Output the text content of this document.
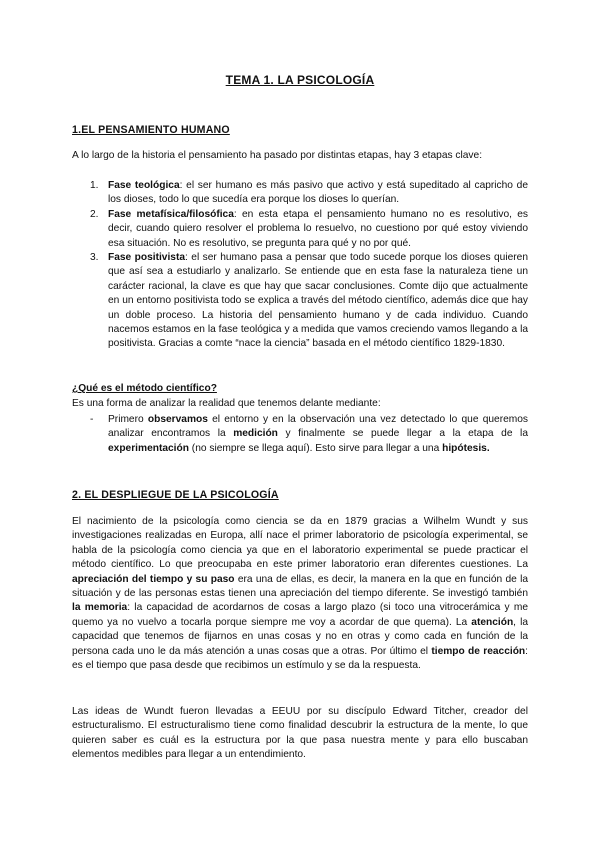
TEMA 1. LA PSICOLOGÍA
1.EL PENSAMIENTO HUMANO

A lo largo de la historia el pensamiento ha pasado por distintas etapas, hay 3 etapas clave:

1. Fase teológica: el ser humano es más pasivo que activo y está supeditado al capricho de los dioses, todo lo que sucedía era porque los dioses lo querían.
2. Fase metafísica/filosófica: en esta etapa el pensamiento humano no es resolutivo, es decir, cuando quiero resolver el problema lo resuelvo, no cuestiono por qué estoy viviendo esa situación. No es resolutivo, se pregunta para qué y no por qué.
3. Fase positivista: el ser humano pasa a pensar que todo sucede porque los dioses quieren que así sea a estudiarlo y analizarlo. Se entiende que en esta fase la naturaleza tiene un carácter racional, la clave es que hay que sacar conclusiones. Comte dijo que actualmente en un entorno positivista todo se explica a través del método científico, además dice que hay un doble proceso. La historia del pensamiento humano y de cada individuo. Cuando nacemos estamos en la fase teológica y a medida que vamos creciendo vamos llegando a la positivista. Gracias a comte “nace la ciencia” basada en el método científico 1829-1830.
¿Qué es el método científico?

Es una forma de analizar la realidad que tenemos delante mediante:

-	Primero observamos el entorno y en la observación una vez detectado lo que queremos analizar encontramos la medición y finalmente se puede llegar a la etapa de la experimentación (no siempre se llega aquí). Esto sirve para llegar a una hipótesis.
2. EL DESPLIEGUE DE LA PSICOLOGÍA

El nacimiento de la psicología como ciencia se da en 1879 gracias a Wilhelm Wundt y sus investigaciones realizadas en Europa, allí nace el primer laboratorio de psicología experimental, se habla de la psicología como ciencia ya que en el laboratorio experimental se puede practicar el método científico. Lo que preocupaba en este primer laboratorio eran diferentes cuestiones. La apreciación del tiempo y su paso era una de ellas, es decir, la manera en la que en función de la situación y de las personas estas tienen una apreciación del tiempo diferente. Se investigó también la memoria: la capacidad de acordarnos de cosas a largo plazo (si toco una vitrocerámica y me quemo ya no vuelvo a tocarla porque siempre me voy a acordar de que quema). La atención, la capacidad que tenemos de fijarnos en unas cosas y no en otras y como cada en función de la persona cada uno le da más atención a unas cosas que a otras. Por último el tiempo de reacción: es el tiempo que pasa desde que recibimos un estímulo y se da la respuesta.

Las ideas de Wundt fueron llevadas a EEUU por su discípulo Edward Titcher, creador del estructuralismo. El estructuralismo tiene como finalidad descubrir la estructura de la mente, lo que quieren saber es cuál es la estructura por la que pasa nuestra mente y para ello buscaban elementos medibles para llegar a un entendimiento.
